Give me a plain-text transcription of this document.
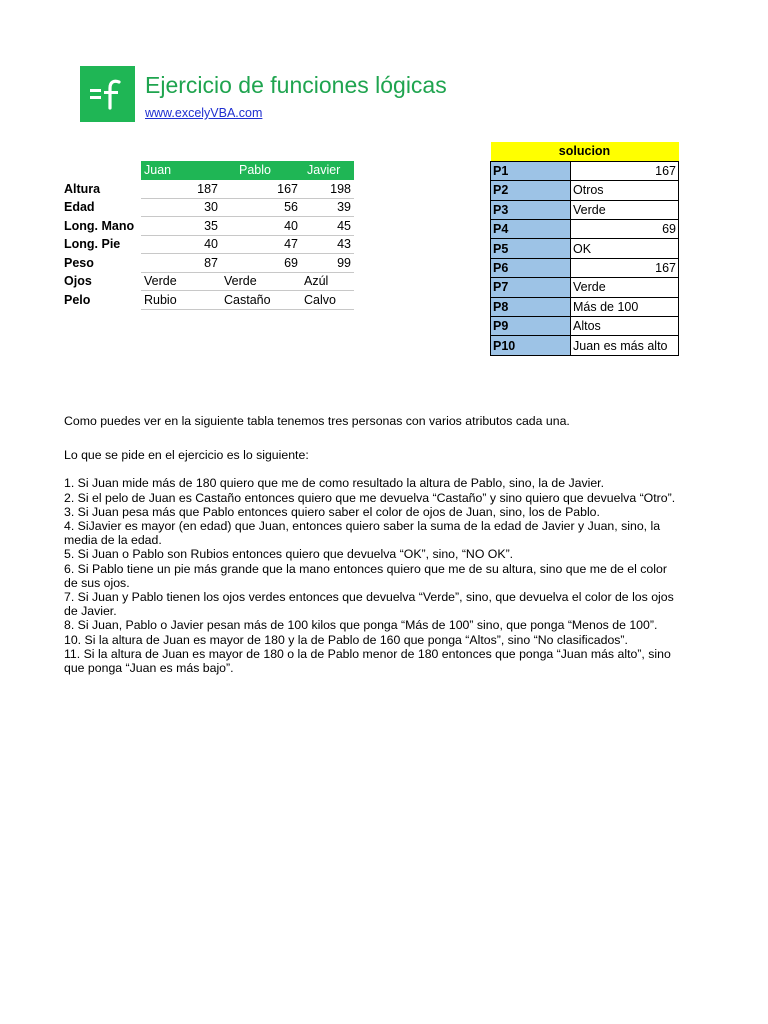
Ejercicio de funciones lógicas
www.excelyVBA.com
	Juan	Pablo	Javier
Altura	187	167	198
Edad	30	56	39
Long. Mano	35	40	45
Long. Pie	40	47	43
Peso	87	69	99
Ojos	Verde	Verde	Azúl
Pelo	Rubio	Castaño	Calvo
solucion	
P1	167
P2	Otros
P3	Verde
P4	69
P5	OK
P6	167
P7	Verde
P8	Más de 100
P9	Altos
P10	Juan es más alto

Como puedes ver en la siguiente tabla tenemos tres personas con varios atributos cada una.

Lo que se pide en el ejercicio es lo siguiente:

1. Si Juan mide más de 180 quiero que me de como resultado la altura de Pablo, sino, la de Javier.

2. Si el pelo de Juan es Castaño entonces quiero que me devuelva “Castaño” y sino quiero que devuelva “Otro”.

3. Si Juan pesa más que Pablo entonces quiero saber el color de ojos de Juan, sino, los de Pablo.

4. SiJavier es mayor (en edad) que Juan, entonces quiero saber la suma de la edad de Javier y Juan, sino, la media de la edad.

5. Si Juan o Pablo son Rubios entonces quiero que devuelva “OK”, sino, “NO OK”.

6. Si Pablo tiene un pie más grande que la mano entonces quiero que me de su altura, sino que me de el color de sus ojos.

7. Si Juan y Pablo tienen los ojos verdes entonces que devuelva “Verde”, sino, que devuelva el color de los ojos de Javier.

8. Si Juan, Pablo o Javier pesan más de 100 kilos que ponga “Más de 100” sino, que ponga “Menos de 100”.

10. Si la altura de Juan es mayor de 180 y la de Pablo de 160 que ponga “Altos”, sino “No clasificados”.

11. Si la altura de Juan es mayor de 180 o la de Pablo menor de 180 entonces que ponga “Juan más alto”, sino que ponga “Juan es más bajo”.
